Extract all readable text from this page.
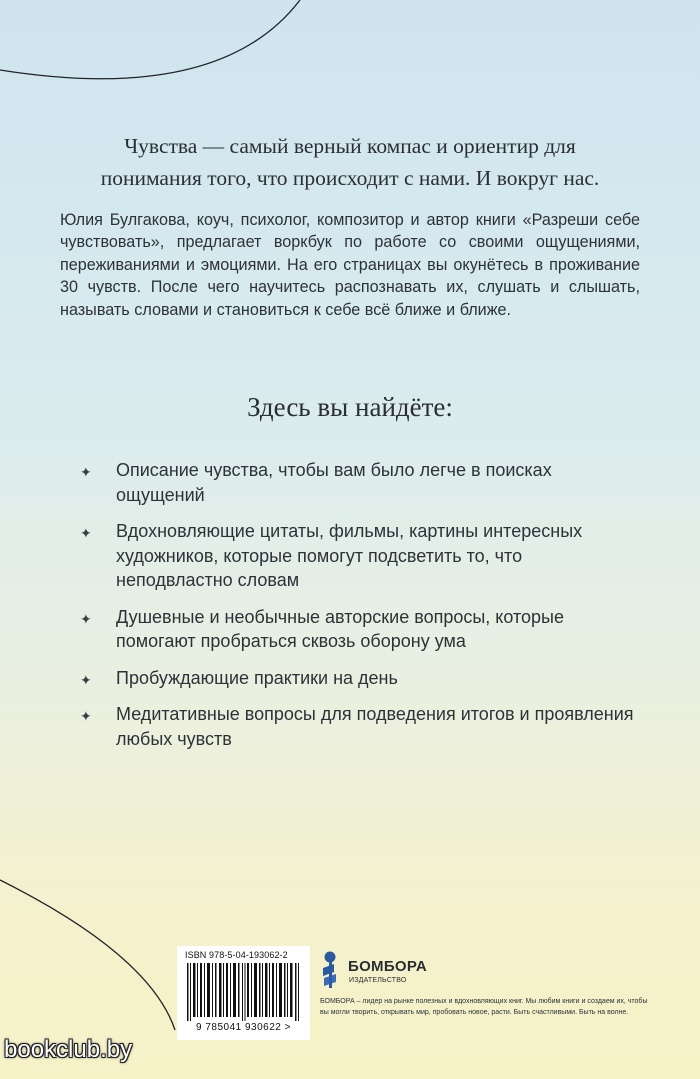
Чувства — самый верный компас и ориентир для
понимания того, что происходит с нами. И вокруг нас.

Юлия Булгакова, коуч, психолог, композитор и автор книги «Разреши себе чувствовать», предлагает воркбук по работе со своими ощущениями, переживаниями и эмоциями. На его страницах вы окунётесь в проживание 30 чувств. После чего научитесь распознавать их, слушать и слышать, называть словами и становиться к себе всё ближе и ближе.

Здесь вы найдёте:
✦ Описание чувства, чтобы вам было легче в поисках ощущений
✦ Вдохновляющие цитаты, фильмы, картины интересных художников, которые помогут подсветить то, что неподвластно словам
✦ Душевные и необычные авторские вопросы, которые помогают пробраться сквозь оборону ума
✦ Пробуждающие практики на день
✦ Медитативные вопросы для подведения итогов и проявления любых чувств
ISBN 978-5-04-193062-2
9 785041 930622 >
БОМБОРА
ИЗДАТЕЛЬСТВО
БОМБОРА – лидер на рынке полезных и вдохновляющих книг. Мы любим книги и создаем их, чтобы вы могли творить, открывать мир, пробовать новое, расти. Быть счастливыми. Быть на волне.
bookclub.by
